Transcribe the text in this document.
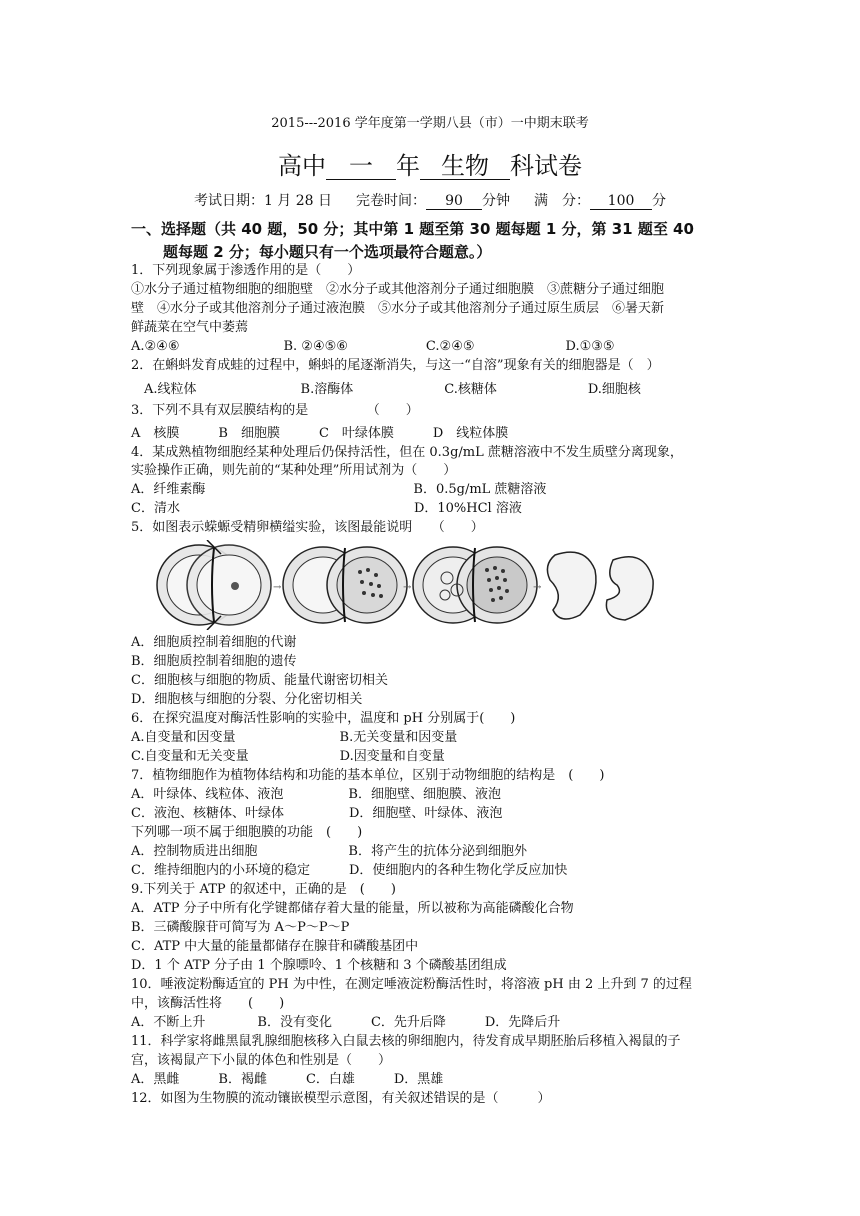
2015---2016 学年度第一学期八县（市）一中期末联考
高中 一 年 生物 科试卷
考试日期：1 月 28 日 完卷时间： 90 分钟 满　分： 100 分
一、选择题（共 40 题，50 分；其中第 1 题至第 30 题每题 1 分，第 31 题至 40
题每题 2 分；每小题只有一个选项最符合题意。）
1．下列现象属于渗透作用的是（　　）
①水分子通过植物细胞的细胞壁　②水分子或其他溶剂分子通过细胞膜　③蔗糖分子通过细胞
壁　④水分子或其他溶剂分子通过液泡膜　⑤水分子或其他溶剂分子通过原生质层　⑥暑天新
鲜蔬菜在空气中萎蔫
A.②④⑥　　　　　　　　B. ②④⑤⑥　　　　　　C.②④⑤　　　　　　　D.①③⑤
2．在蝌蚪发育成蛙的过程中，蝌蚪的尾逐渐消失，与这一“自溶”现象有关的细胞器是（　）
　A.线粒体　　　　　　　　B.溶酶体　　　　　　　C.核糖体　　　　　　　D.细胞核
3．下列不具有双层膜结构的是　　　　　（　　）
A　核膜　　　B　细胞膜　　　C　叶绿体膜　　　D　线粒体膜
4．某成熟植物细胞经某种处理后仍保持活性，但在 0.3g/mL 蔗糖溶液中不发生质壁分离现象，
实验操作正确，则先前的“某种处理”所用试剂为（　　）
A．纤维素酶　　　　　　　　　　　　　　　　B．0.5g/mL 蔗糖溶液
C．清水　　　　　　　　　　　　　　　　　　D．10%HCl 溶液
5．如图表示蝾螈受精卵横缢实验，该图最能说明　　（　　）
→	→	→
A．细胞质控制着细胞的代谢
B．细胞质控制着细胞的遗传
C．细胞核与细胞的物质、能量代谢密切相关
D．细胞核与细胞的分裂、分化密切相关
6．在探究温度对酶活性影响的实验中，温度和 pH 分别属于(　　)
A.自变量和因变量　　　　　　　　B.无关变量和因变量
C.自变量和无关变量　　　　　　　D.因变量和自变量
7．植物细胞作为植物体结构和功能的基本单位，区别于动物细胞的结构是　(　　)
A．叶绿体、线粒体、液泡　　　　　B．细胞壁、细胞膜、液泡
C．液泡、核糖体、叶绿体　　　　　D．细胞壁、叶绿体、液泡
下列哪一项不属于细胞膜的功能　(　　)
A．控制物质进出细胞　　　　　　　B．将产生的抗体分泌到细胞外
C．维持细胞内的小环境的稳定　　　D．使细胞内的各种生物化学反应加快
9.下列关于 ATP 的叙述中，正确的是　(　　)
A．ATP 分子中所有化学键都储存着大量的能量，所以被称为高能磷酸化合物
B．三磷酸腺苷可简写为 A～P～P～P
C．ATP 中大量的能量都储存在腺苷和磷酸基团中
D．1 个 ATP 分子由 1 个腺嘌呤、1 个核糖和 3 个磷酸基团组成
10．唾液淀粉酶适宜的 PH 为中性，在测定唾液淀粉酶活性时，将溶液 pH 由 2 上升到 7 的过程
中，该酶活性将　　(　　)
A．不断上升　　　　B．没有变化　　　C．先升后降　　　D．先降后升
11．科学家将雌黑鼠乳腺细胞核移入白鼠去核的卵细胞内，待发育成早期胚胎后移植入褐鼠的子
宫，该褐鼠产下小鼠的体色和性别是（　　）
A．黑雌　　　B．褐雌　　　C．白雄　　　D．黑雄
12．如图为生物膜的流动镶嵌模型示意图，有关叙述错误的是（　　　）
